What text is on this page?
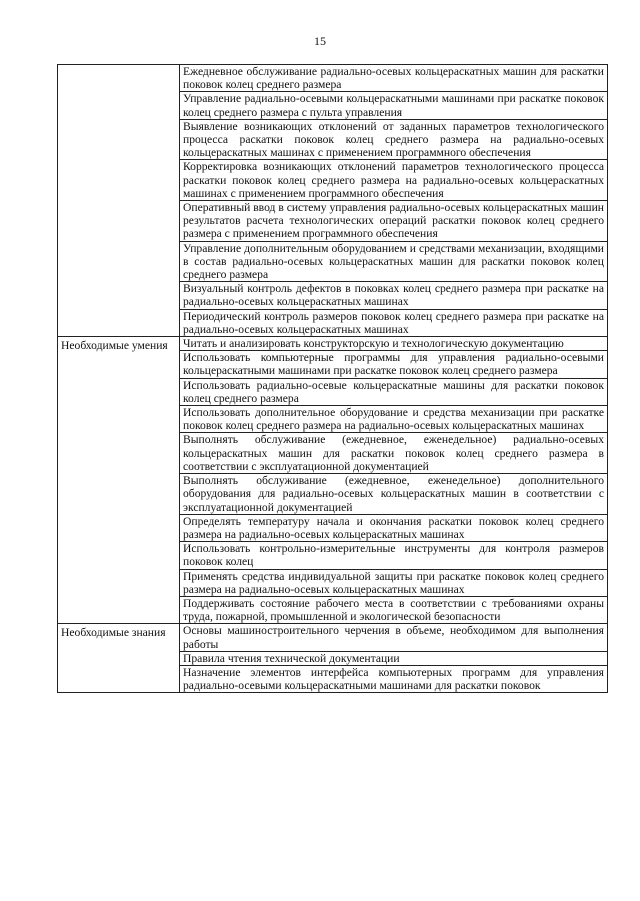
15
	Ежедневное обслуживание радиально-осевых кольцераскатных машин для раскатки поковок колец среднего размера
	Управление радиально-осевыми кольцераскатными машинами при раскатке поковок колец среднего размера с пульта управления
	Выявление возникающих отклонений от заданных параметров технологического процесса раскатки поковок колец среднего размера на радиально-осевых кольцераскатных машинах с применением программного обеспечения
	Корректировка возникающих отклонений параметров технологического процесса раскатки поковок колец среднего размера на радиально-осевых кольцераскатных машинах с применением программного обеспечения
	Оперативный ввод в систему управления радиально-осевых кольцераскатных машин результатов расчета технологических операций раскатки поковок колец среднего размера с применением программного обеспечения
	Управление дополнительным оборудованием и средствами механизации, входящими в состав радиально-осевых кольцераскатных машин для раскатки поковок колец среднего размера
	Визуальный контроль дефектов в поковках колец среднего размера при раскатке на радиально-осевых кольцераскатных машинах
	Периодический контроль размеров поковок колец среднего размера при раскатке на радиально-осевых кольцераскатных машинах

Необходимые умения	Читать и анализировать конструкторскую и технологическую документацию
	Использовать компьютерные программы для управления радиально-осевыми кольцераскатными машинами при раскатке поковок колец среднего размера
	Использовать радиально-осевые кольцераскатные машины для раскатки поковок колец среднего размера
	Использовать дополнительное оборудование и средства механизации при раскатке поковок колец среднего размера на радиально-осевых кольцераскатных машинах
	Выполнять обслуживание (ежедневное, еженедельное) радиально-осевых кольцераскатных машин для раскатки поковок колец среднего размера в соответствии с эксплуатационной документацией
	Выполнять обслуживание (ежедневное, еженедельное) дополнительного оборудования для радиально-осевых кольцераскатных машин в соответствии с эксплуатационной документацией
	Определять температуру начала и окончания раскатки поковок колец среднего размера на радиально-осевых кольцераскатных машинах
	Использовать контрольно-измерительные инструменты для контроля размеров поковок колец
	Применять средства индивидуальной защиты при раскатке поковок колец среднего размера на радиально-осевых кольцераскатных машинах
	Поддерживать состояние рабочего места в соответствии с требованиями охраны труда, пожарной, промышленной и экологической безопасности

Необходимые знания	Основы машиностроительного черчения в объеме, необходимом для выполнения работы
	Правила чтения технической документации
	Назначение элементов интерфейса компьютерных программ для управления радиально-осевыми кольцераскатными машинами для раскатки поковок
